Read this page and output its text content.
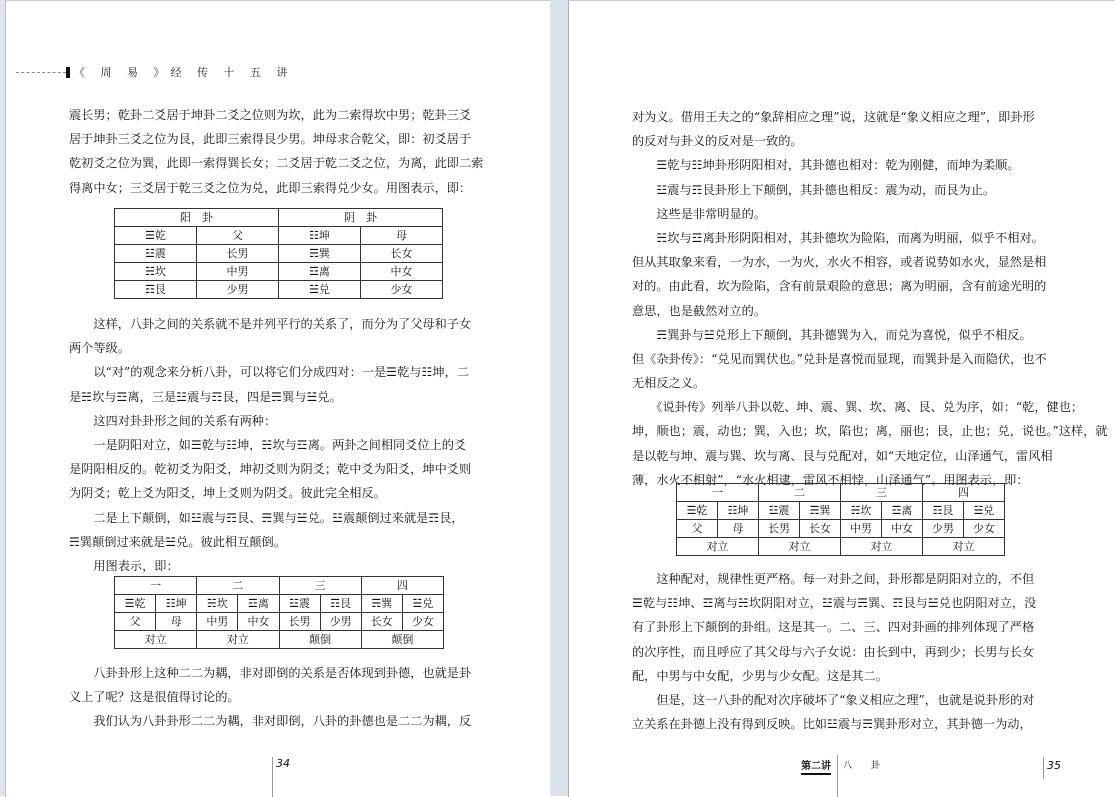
《 周 易 》经 传 十 五 讲
震长男；乾卦二爻居于坤卦二爻之位则为坎，此为二索得坎中男；乾卦三爻
居于坤卦三爻之位为艮，此即三索得艮少男。坤母求合乾父，即：初爻居于
乾初爻之位为巽，此即一索得巽长女；二爻居于乾二爻之位，为离，此即二索
得离中女；三爻居于乾三爻之位为兑，此即三索得兑少女。用图表示，即：
阳　卦		阴　卦	
☰乾	父	☷坤	母
☳震	长男	☴巽	长女
☵坎	中男	☲离	中女
☶艮	少男	☱兑	少女
　　这样，八卦之间的关系就不是并列平行的关系了，而分为了父母和子女
两个等级。
　　以“对”的观念来分析八卦，可以将它们分成四对：一是☰乾与☷坤，二
是☵坎与☲离，三是☳震与☶艮，四是☴巽与☱兑。
　　这四对卦卦形之间的关系有两种：
　　一是阴阳对立，如☰乾与☷坤，☵坎与☲离。两卦之间相同爻位上的爻
是阴阳相反的。乾初爻为阳爻，坤初爻则为阴爻；乾中爻为阳爻，坤中爻则
为阴爻；乾上爻为阳爻，坤上爻则为阴爻。彼此完全相反。
　　二是上下颠倒，如☳震与☶艮、☴巽与☱兑。☳震颠倒过来就是☶艮，
☴巽颠倒过来就是☱兑。彼此相互颠倒。
　　用图表示，即：
一		二		三		四	
☰乾	☷坤	☵坎	☲离	☳震	☶艮	☴巽	☱兑
父	母	中男	中女	长男	少男	长女	少女
对立		对立		颠倒		颠倒	
　　八卦卦形上这种二二为耦，非对即倒的关系是否体现到卦德，也就是卦
义上了呢？这是很值得讨论的。
　　我们认为八卦卦形二二为耦，非对即倒，八卦的卦德也是二二为耦，反
34
对为义。借用王夫之的“象辞相应之理”说，这就是“象义相应之理”，即卦形
的反对与卦义的反对是一致的。
　　☰乾与☷坤卦形阴阳相对，其卦德也相对：乾为刚健，而坤为柔顺。
　　☳震与☶艮卦形上下颠倒，其卦德也相反：震为动，而艮为止。
　　这些是非常明显的。
　　☵坎与☲离卦形阴阳相对，其卦德坎为险陷，而离为明丽，似乎不相对。
但从其取象来看，一为水，一为火，水火不相容，或者说势如水火，显然是相
对的。由此看，坎为险陷，含有前景艰险的意思；离为明丽，含有前途光明的
意思，也是截然对立的。
　　☴巽卦与☱兑形上下颠倒，其卦德巽为入，而兑为喜悦，似乎不相反。
但《杂卦传》：“兑见而巽伏也。”兑卦是喜悦而显现，而巽卦是入而隐伏，也不
无相反之义。
　　《说卦传》列举八卦以乾、坤、震、巽、坎、离、艮、兑为序，如：“乾，健也；
坤，顺也；震，动也；巽，入也；坎，陷也；离，丽也；艮，止也；兑，说也。”这样，就
是以乾与坤、震与巽、坎与离、艮与兑配对，如“天地定位，山泽通气，雷风相
薄，水火不相射”，“水火相逮，雷风不相悖，山泽通气”。用图表示，即：
一		二		三		四	
☰乾	☷坤	☳震	☴巽	☵坎	☲离	☶艮	☱兑
父	母	长男	长女	中男	中女	少男	少女
对立		对立		对立		对立	
　　这种配对，规律性更严格。每一对卦之间，卦形都是阴阳对立的，不但
☰乾与☷坤、☲离与☵坎阴阳对立，☳震与☴巽、☶艮与☱兑也阴阳对立，没
有了卦形上下颠倒的卦组。这是其一。二、三、四对卦画的排列体现了严格
的次序性，而且呼应了其父母与六子女说：由长到中，再到少；长男与长女
配，中男与中女配，少男与少女配。这是其二。
　　但是，这一八卦的配对次序破坏了“象义相应之理”，也就是说卦形的对
立关系在卦德上没有得到反映。比如☳震与☴巽卦形对立，其卦德一为动，
第二讲 八 卦	35
